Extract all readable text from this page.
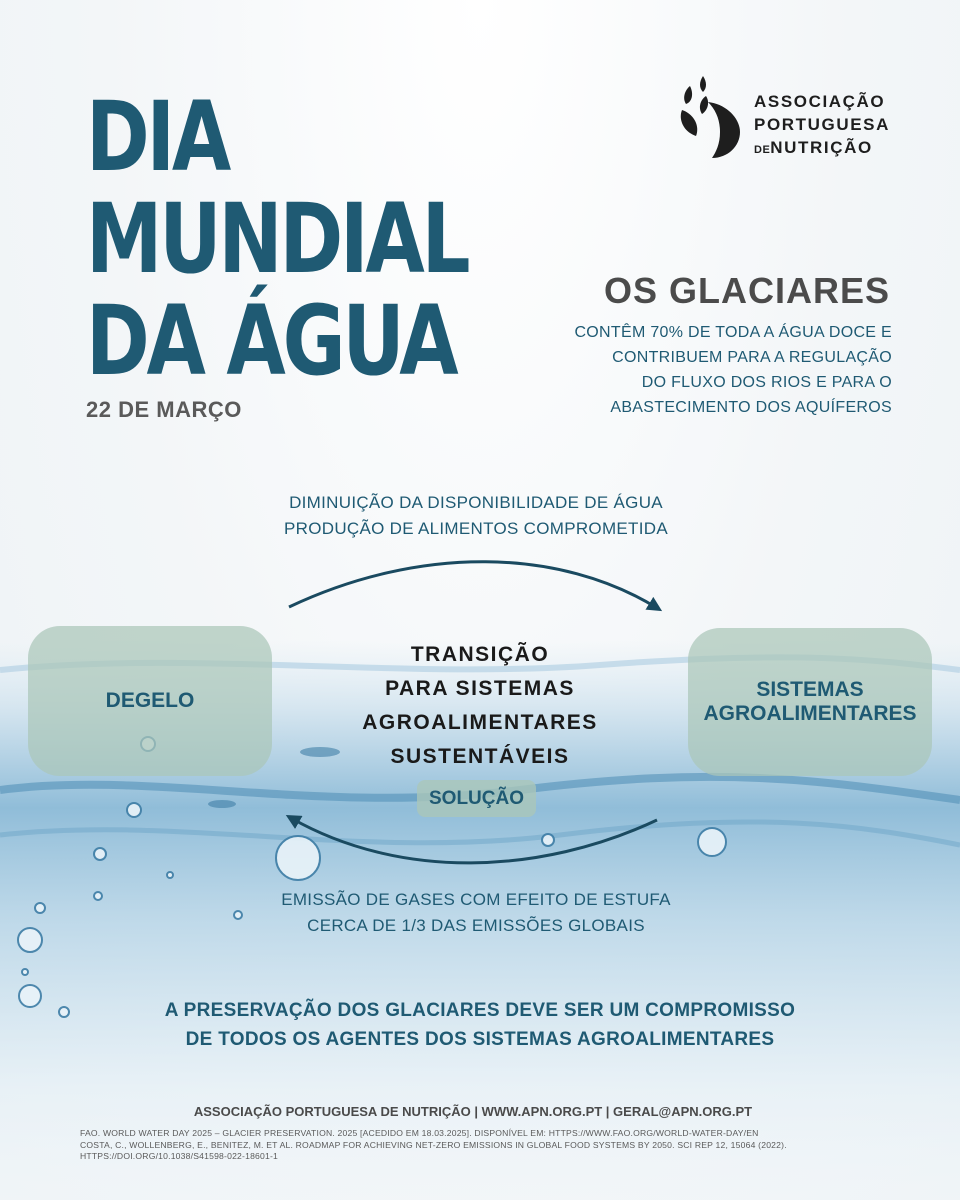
DIA
MUNDIAL
DA ÁGUA
22 DE MARÇO
ASSOCIAÇÃO
PORTUGUESA
DENUTRIÇÃO
OS GLACIARES
CONTÊM 70% DE TODA A ÁGUA DOCE E
CONTRIBUEM PARA A REGULAÇÃO
DO FLUXO DOS RIOS E PARA O
ABASTECIMENTO DOS AQUÍFEROS
DIMINUIÇÃO DA DISPONIBILIDADE DE ÁGUA
PRODUÇÃO DE ALIMENTOS COMPROMETIDA
DEGELO	SISTEMAS
AGROALIMENTARES
TRANSIÇÃO
PARA SISTEMAS
AGROALIMENTARES
SUSTENTÁVEIS
SOLUÇÃO
EMISSÃO DE GASES COM EFEITO DE ESTUFA
CERCA DE 1/3 DAS EMISSÕES GLOBAIS
A PRESERVAÇÃO DOS GLACIARES DEVE SER UM COMPROMISSO
DE TODOS OS AGENTES DOS SISTEMAS AGROALIMENTARES
ASSOCIAÇÃO PORTUGUESA DE NUTRIÇÃO | WWW.APN.ORG.PT | GERAL@APN.ORG.PT
FAO. WORLD WATER DAY 2025 – GLACIER PRESERVATION. 2025 [ACEDIDO EM 18.03.2025]. DISPONÍVEL EM: HTTPS://WWW.FAO.ORG/WORLD-WATER-DAY/EN
COSTA, C., WOLLENBERG, E., BENITEZ, M. ET AL. ROADMAP FOR ACHIEVING NET-ZERO EMISSIONS IN GLOBAL FOOD SYSTEMS BY 2050. SCI REP 12, 15064 (2022).
HTTPS://DOI.ORG/10.1038/S41598-022-18601-1
